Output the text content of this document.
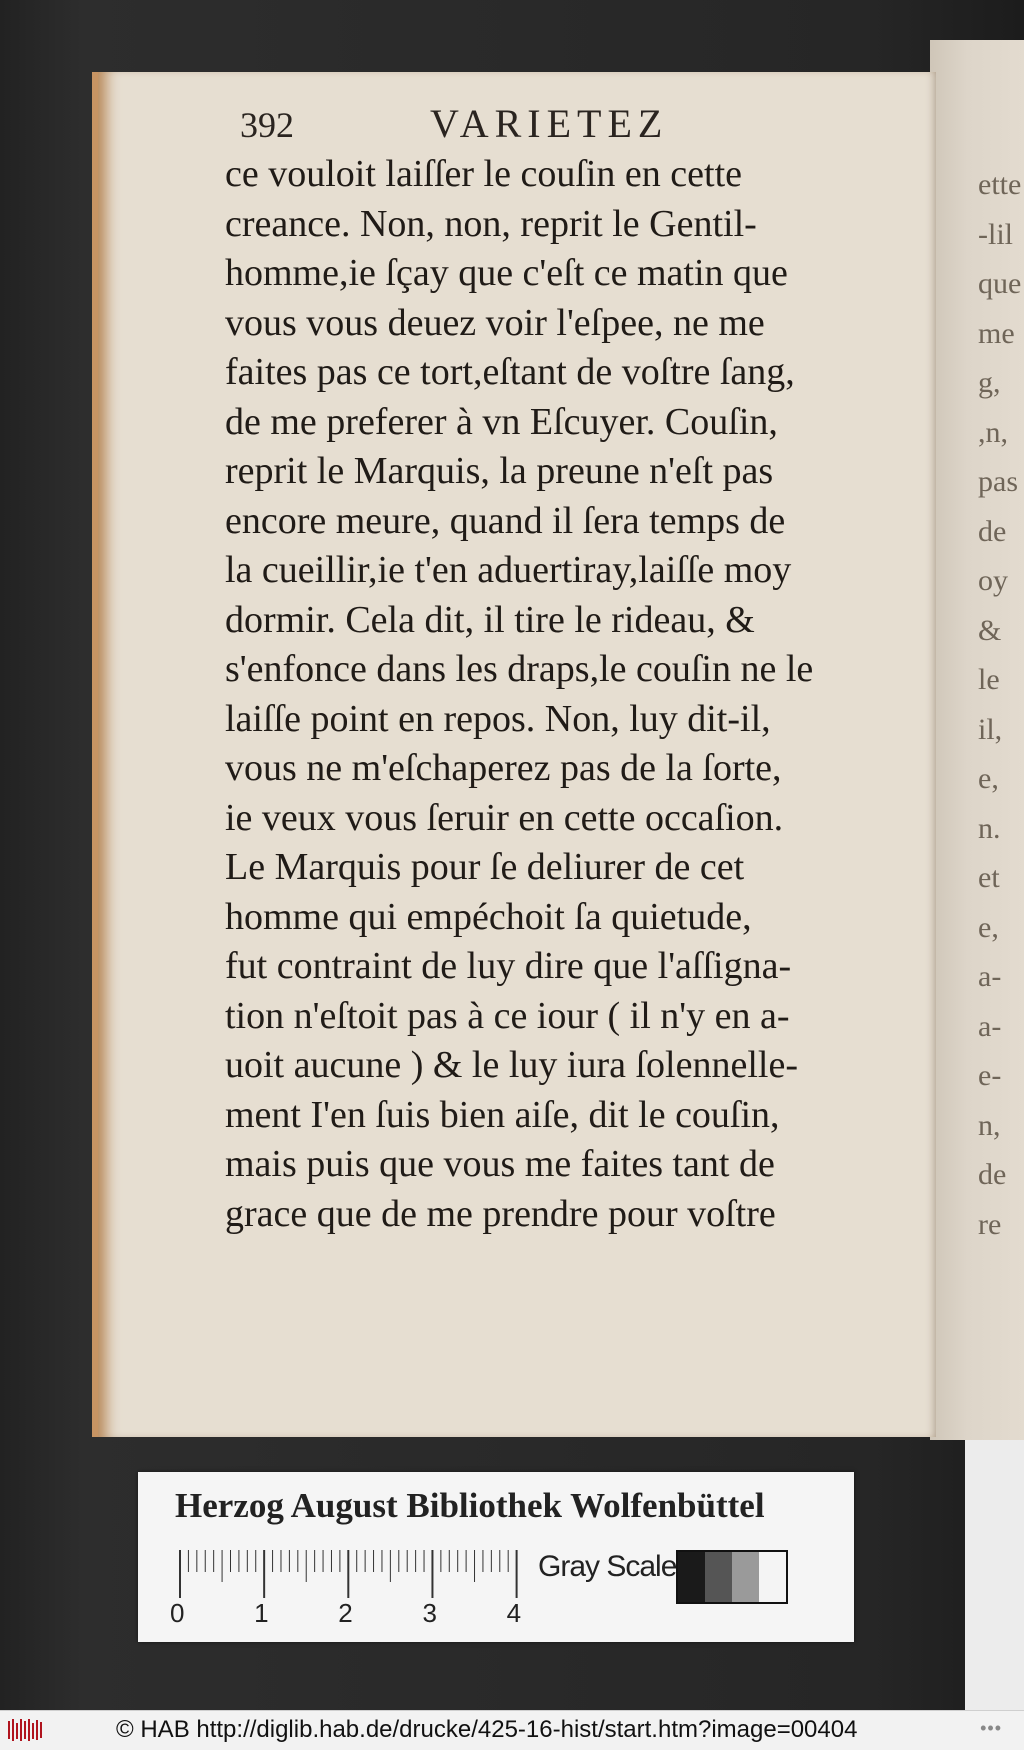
ette
-lil
que
me
g,
,n,
pas
de
oy
&
le
il,
e,
n.
et
e,
a-
a-
e-
n,
de
re
392	VARIETEZ
ce vouloit laiſſer le couſin en cette
creance. Non, non, reprit le Gentil-
homme,ie ſçay que c'eſt ce matin que
vous vous deuez voir l'eſpee, ne me
faites pas ce tort,eſtant de voſtre ſang,
de me preferer à vn Eſcuyer. Couſin,
reprit le Marquis, la preune n'eſt pas
encore meure, quand il ſera temps de
la cueillir,ie t'en aduertiray,laiſſe moy
dormir. Cela dit, il tire le rideau, &
s'enfonce dans les draps,le couſin ne le
laiſſe point en repos. Non, luy dit-il,
vous ne m'eſchaperez pas de la ſorte,
ie veux vous ſeruir en cette occaſion.
Le Marquis pour ſe deliurer de cet
homme qui empéchoit ſa quietude,
fut contraint de luy dire que l'aſſigna-
tion n'eſtoit pas à ce iour ( il n'y en a-
uoit aucune ) & le luy iura ſolennelle-
ment I'en ſuis bien aiſe, dit le couſin,
mais puis que vous me faites tant de
grace que de me prendre pour voſtre
Herzog August Bibliothek Wolfenbüttel
0	1	2	3	4
Gray Scale
© HAB http://diglib.hab.de/drucke/425-16-hist/start.htm?image=00404	•••
